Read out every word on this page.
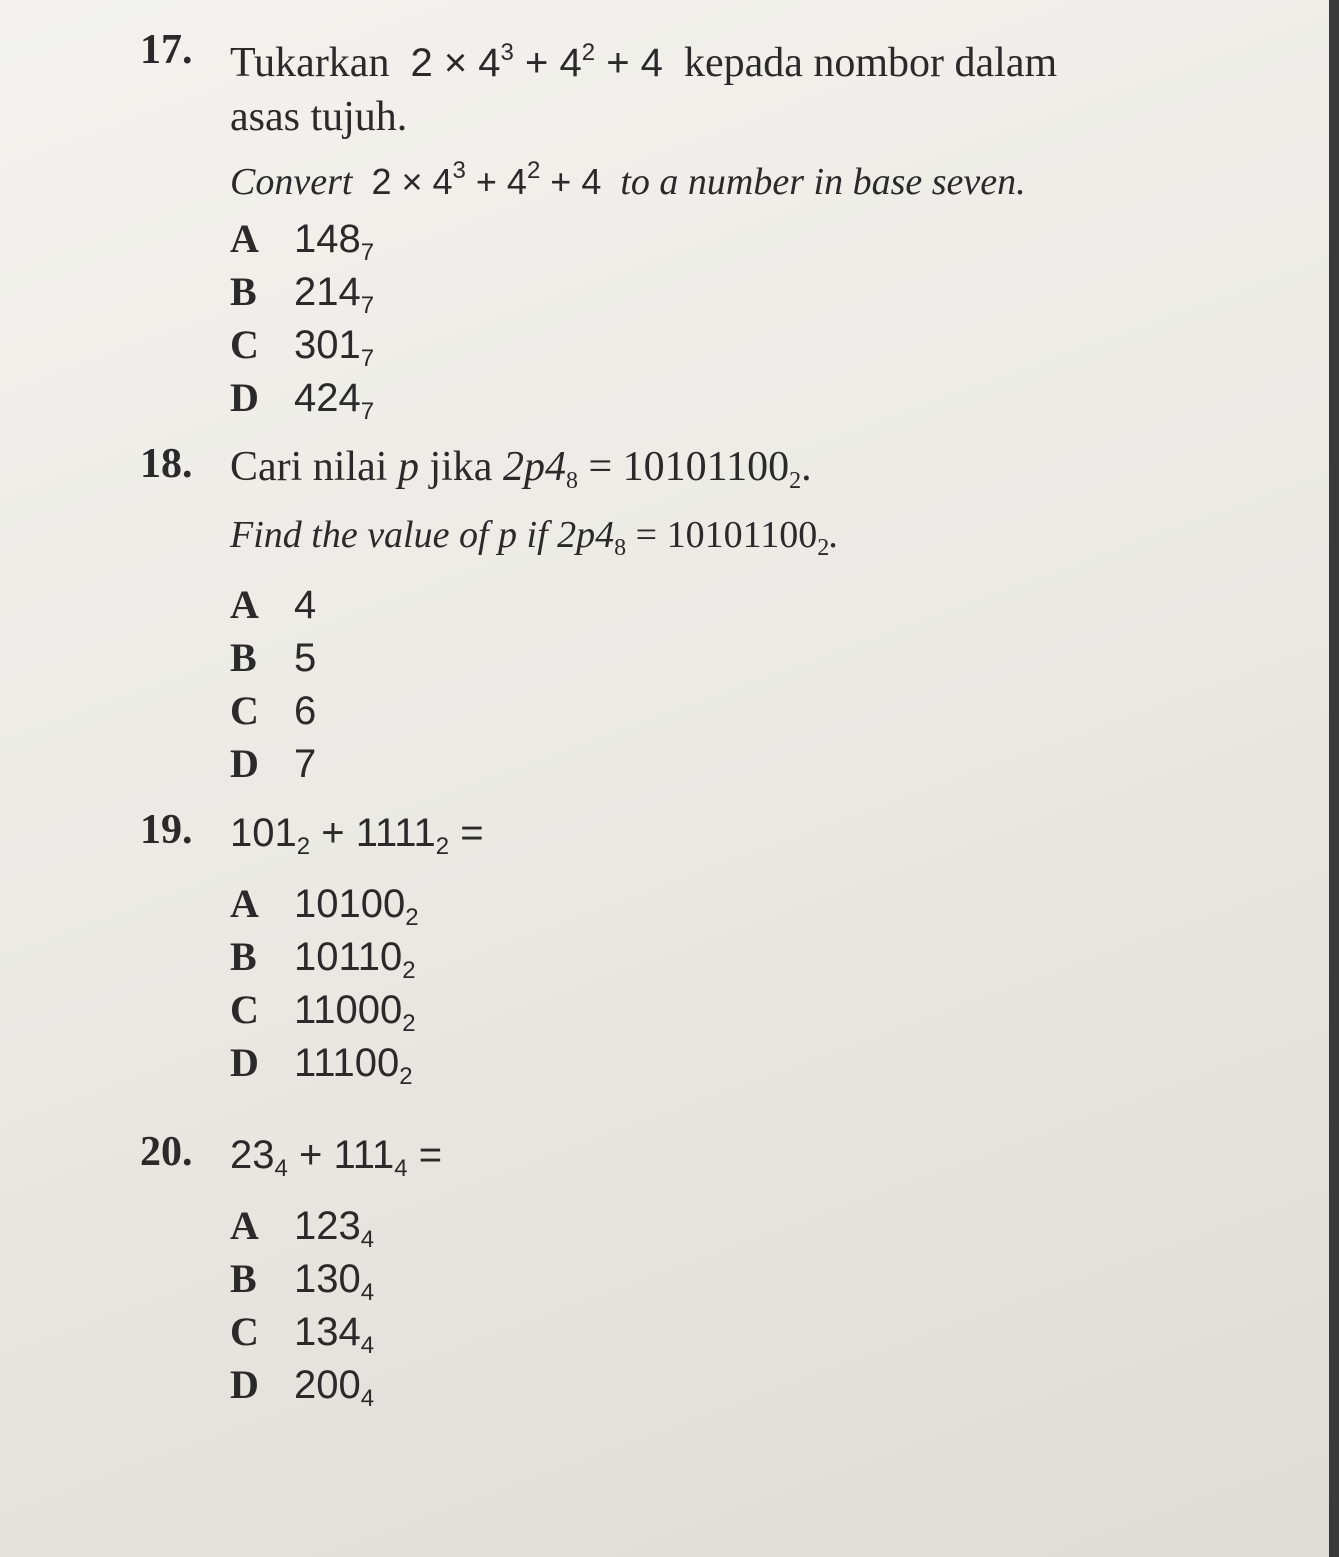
17. Tukarkan $2 \times 4^3 + 4^2 + 4$ kepada nombor dalam
asas tujuh.
Convert $2 \times 4^3 + 4^2 + 4$ to a number in base seven.
A $148_7$
B $214_7$
C $301_7$
D $424_7$
18. Cari nilai p jika $2p4_8 = 10101100_2$.
Find the value of p if $2p4_8 = 10101100_2$.
A 4
B 5
C 6
D 7
19. $101_2 + 1111_2$ =
A $10100_2$
B $10110_2$
C $11000_2$
D $11100_2$
20. $23_4 + 111_4$ =
A $123_4$
B $130_4$
C $134_4$
D $200_4$
